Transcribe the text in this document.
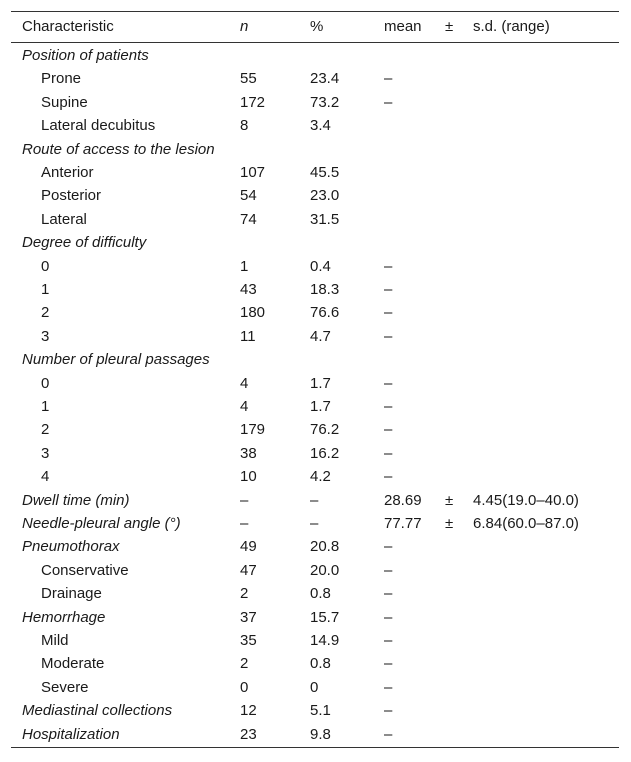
Characteristic	n	%	mean ± s.d. (range)
Position of patients
Prone	55	23.4	–
Supine	172	73.2	–
Lateral decubitus	8	3.4
Route of access to the lesion
Anterior	107	45.5
Posterior	54	23.0
Lateral	74	31.5
Degree of difficulty
0	1	0.4	–
1	43	18.3	–
2	180	76.6	–
3	11	4.7	–
Number of pleural passages
0	4	1.7	–
1	4	1.7	–
2	179	76.2	–
3	38	16.2	–
4	10	4.2	–
Dwell time (min)	–	–	28.69 ± 4.45(19.0–40.0)
Needle-pleural angle (°)	–	–	77.77 ± 6.84(60.0–87.0)
Pneumothorax	49	20.8	–
Conservative	47	20.0	–
Drainage	2	0.8	–
Hemorrhage	37	15.7	–
Mild	35	14.9	–
Moderate	2	0.8	–
Severe	0	0	–
Mediastinal collections	12	5.1	–
Hospitalization	23	9.8	–
